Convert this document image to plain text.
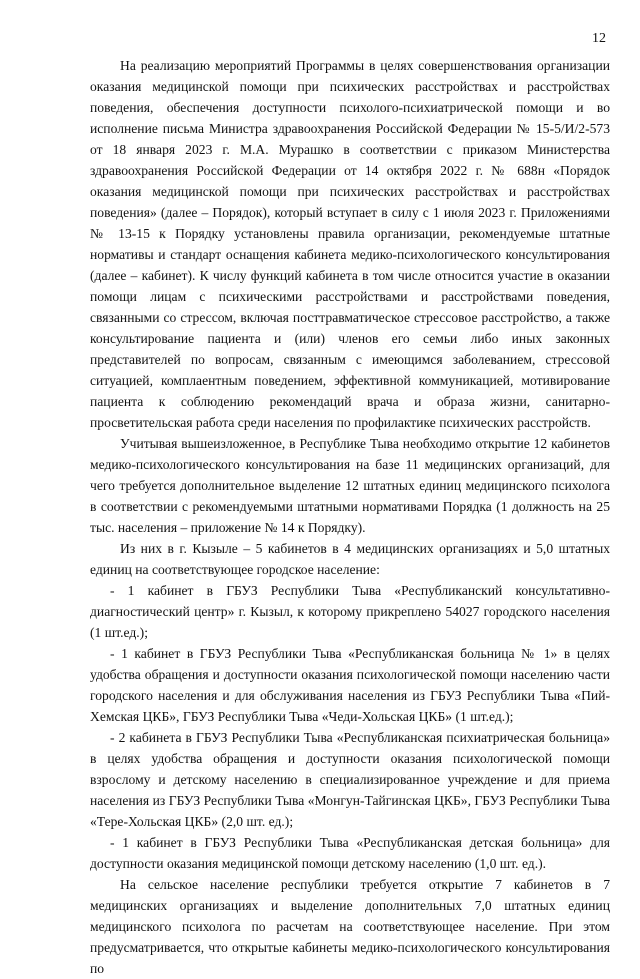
12

На реализацию мероприятий Программы в целях совершенствования организации оказания медицинской помощи при психических расстройствах и расстройствах поведения, обеспечения доступности психолого-психиатрической помощи и во исполнение письма Министра здравоохранения Российской Федерации № 15-5/И/2-573 от 18 января 2023 г. М.А. Мурашко в соответствии с приказом Министерства здравоохранения Российской Федерации от 14 октября 2022 г. № 688н «Порядок оказания медицинской помощи при психических расстройствах и расстройствах поведения» (далее – Порядок), который вступает в силу с 1 июля 2023 г. Приложениями № 13-15 к Порядку установлены правила организации, рекомендуемые штатные нормативы и стандарт оснащения кабинета медико-психологического консультирования (далее – кабинет). К числу функций кабинета в том числе относится участие в оказании помощи лицам с психическими расстройствами и расстройствами поведения, связанными со стрессом, включая посттравматическое стрессовое расстройство, а также консультирование пациента и (или) членов его семьи либо иных законных представителей по вопросам, связанным с имеющимся заболеванием, стрессовой ситуацией, комплаентным поведением, эффективной коммуникацией, мотивирование пациента к соблюдению рекомендаций врача и образа жизни, санитарно-просветительская работа среди населения по профилактике психических расстройств.

Учитывая вышеизложенное, в Республике Тыва необходимо открытие 12 кабинетов медико-психологического консультирования на базе 11 медицинских организаций, для чего требуется дополнительное выделение 12 штатных единиц медицинского психолога в соответствии с рекомендуемыми штатными нормативами Порядка (1 должность на 25 тыс. населения – приложение № 14 к Порядку).

Из них в г. Кызыле – 5 кабинетов в 4 медицинских организациях и 5,0 штатных единиц на соответствующее городское население:

- 1 кабинет в ГБУЗ Республики Тыва «Республиканский консультативно-диагностический центр» г. Кызыл, к которому прикреплено 54027 городского населения (1 шт.ед.);

- 1 кабинет в ГБУЗ Республики Тыва «Республиканская больница № 1» в целях удобства обращения и доступности оказания психологической помощи населению части городского населения и для обслуживания населения из ГБУЗ Республики Тыва «Пий-Хемская ЦКБ», ГБУЗ Республики Тыва «Чеди-Хольская ЦКБ» (1 шт.ед.);

- 2 кабинета в ГБУЗ Республики Тыва «Республиканская психиатрическая больница» в целях удобства обращения и доступности оказания психологической помощи взрослому и детскому населению в специализированное учреждение и для приема населения из ГБУЗ Республики Тыва «Монгун-Тайгинская ЦКБ», ГБУЗ Республики Тыва «Тере-Хольская ЦКБ» (2,0 шт. ед.);

- 1 кабинет в ГБУЗ Республики Тыва «Республиканская детская больница» для доступности оказания медицинской помощи детскому населению (1,0 шт. ед.).

На сельское население республики требуется открытие 7 кабинетов в 7 медицинских организациях и выделение дополнительных 7,0 штатных единиц медицинского психолога по расчетам на соответствующее население. При этом предусматривается, что открытые кабинеты медико-психологического консультирования по
